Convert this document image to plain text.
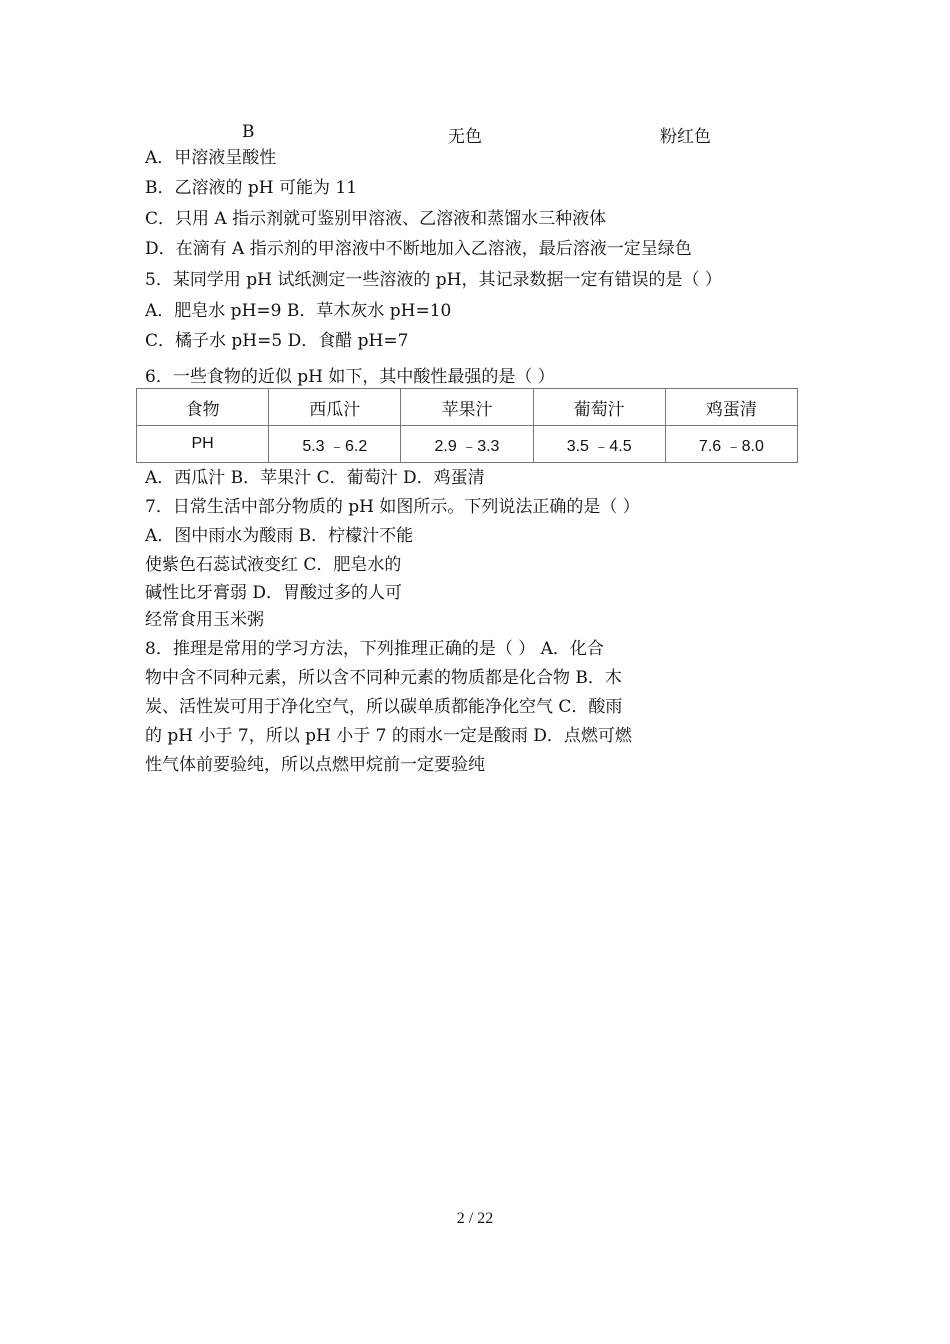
B	无色	粉红色
A．甲溶液呈酸性
B．乙溶液的 pH 可能为 11
C．只用 A 指示剂就可鉴别甲溶液、乙溶液和蒸馏水三种液体
D．在滴有 A 指示剂的甲溶液中不断地加入乙溶液，最后溶液一定呈绿色
5．某同学用 pH 试纸测定一些溶液的 pH，其记录数据一定有错误的是（ ）
A．肥皂水 pH=9 B．草木灰水 pH=10
C．橘子水 pH=5 D．食醋 pH=7
6．一些食物的近似 pH 如下，其中酸性最强的是（ ）
食物	西瓜汁	苹果汁	葡萄汁	鸡蛋清
PH	5.3 ﹣6.2	2.9 ﹣3.3	3.5 ﹣4.5	7.6 ﹣8.0
A．西瓜汁 B．苹果汁 C．葡萄汁 D．鸡蛋清
7．日常生活中部分物质的 pH 如图所示。下列说法正确的是（ ）
A．图中雨水为酸雨 B．柠檬汁不能
使紫色石蕊试液变红 C．肥皂水的
碱性比牙膏弱 D．胃酸过多的人可
经常食用玉米粥
8．推理是常用的学习方法，下列推理正确的是（ ） A．化合
物中含不同种元素，所以含不同种元素的物质都是化合物 B．木
炭、活性炭可用于净化空气，所以碳单质都能净化空气 C．酸雨
的 pH 小于 7，所以 pH 小于 7 的雨水一定是酸雨 D．点燃可燃
性气体前要验纯，所以点燃甲烷前一定要验纯
2 / 22
